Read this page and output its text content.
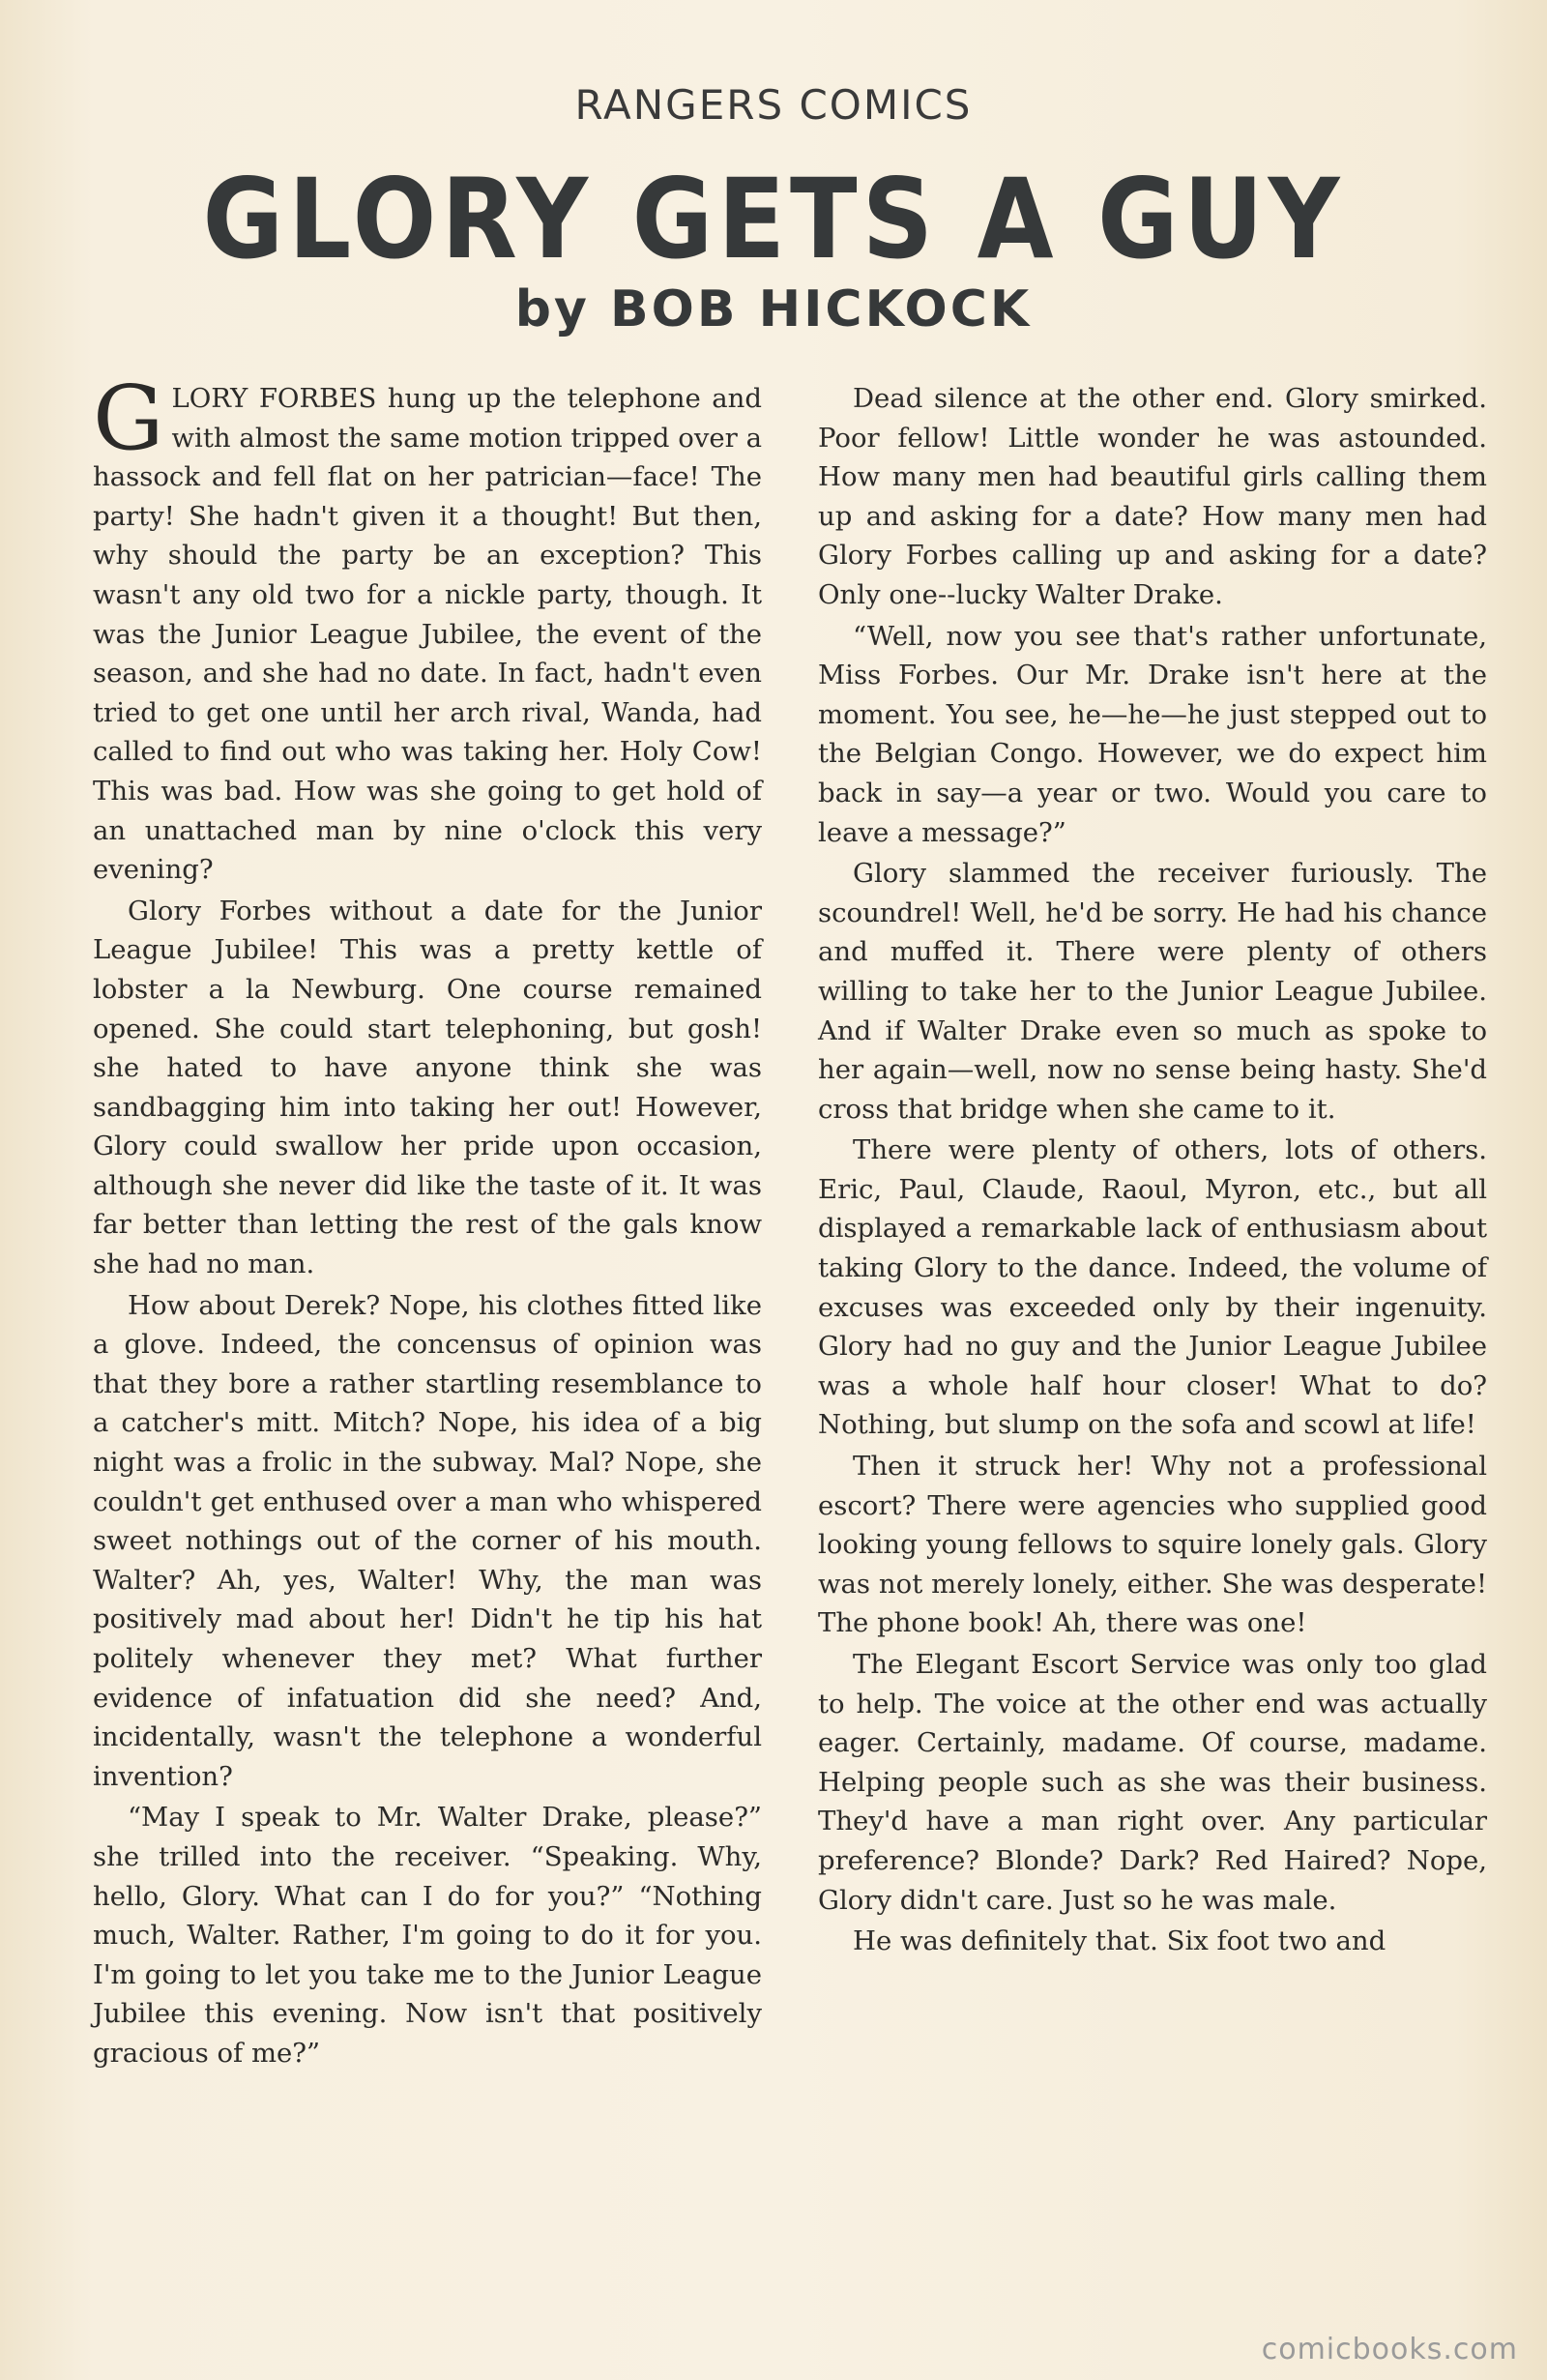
RANGERS COMICS
GLORY GETS A GUY
by BOB HICKOCK

GLORY FORBES hung up the telephone and with almost the same motion tripped over a hassock and fell flat on her patrician—face! The party! She hadn't given it a thought! But then, why should the party be an exception? This wasn't any old two for a nickle party, though. It was the Junior League Jubilee, the event of the season, and she had no date. In fact, hadn't even tried to get one until her arch rival, Wanda, had called to find out who was taking her. Holy Cow! This was bad. How was she going to get hold of an unattached man by nine o'clock this very evening?

Glory Forbes without a date for the Junior League Jubilee! This was a pretty kettle of lobster a la Newburg. One course remained opened. She could start telephoning, but gosh! she hated to have anyone think she was sandbagging him into taking her out! However, Glory could swallow her pride upon occasion, although she never did like the taste of it. It was far better than letting the rest of the gals know she had no man.

How about Derek? Nope, his clothes fitted like a glove. Indeed, the concensus of opinion was that they bore a rather startling resemblance to a catcher's mitt. Mitch? Nope, his idea of a big night was a frolic in the subway. Mal? Nope, she couldn't get enthused over a man who whispered sweet nothings out of the corner of his mouth. Walter? Ah, yes, Walter! Why, the man was positively mad about her! Didn't he tip his hat politely whenever they met? What further evidence of infatuation did she need? And, incidentally, wasn't the telephone a wonderful invention?

“May I speak to Mr. Walter Drake, please?” she trilled into the receiver. “Speaking. Why, hello, Glory. What can I do for you?” “Nothing much, Walter. Rather, I'm going to do it for you. I'm going to let you take me to the Junior League Jubilee this evening. Now isn't that positively gracious of me?”

Dead silence at the other end. Glory smirked. Poor fellow! Little wonder he was astounded. How many men had beautiful girls calling them up and asking for a date? How many men had Glory Forbes calling up and asking for a date? Only one--lucky Walter Drake.

“Well, now you see that's rather unfortunate, Miss Forbes. Our Mr. Drake isn't here at the moment. You see, he—he—he just stepped out to the Belgian Congo. However, we do expect him back in say—a year or two. Would you care to leave a message?”

Glory slammed the receiver furiously. The scoundrel! Well, he'd be sorry. He had his chance and muffed it. There were plenty of others willing to take her to the Junior League Jubilee. And if Walter Drake even so much as spoke to her again—well, now no sense being hasty. She'd cross that bridge when she came to it.

There were plenty of others, lots of others. Eric, Paul, Claude, Raoul, Myron, etc., but all displayed a remarkable lack of enthusiasm about taking Glory to the dance. Indeed, the volume of excuses was exceeded only by their ingenuity. Glory had no guy and the Junior League Jubilee was a whole half hour closer! What to do? Nothing, but slump on the sofa and scowl at life!

Then it struck her! Why not a professional escort? There were agencies who supplied good looking young fellows to squire lonely gals. Glory was not merely lonely, either. She was desperate! The phone book! Ah, there was one!

The Elegant Escort Service was only too glad to help. The voice at the other end was actually eager. Certainly, madame. Of course, madame. Helping people such as she was their business. They'd have a man right over. Any particular preference? Blonde? Dark? Red Haired? Nope, Glory didn't care. Just so he was male.

He was definitely that. Six foot two and

comicbooks.com
